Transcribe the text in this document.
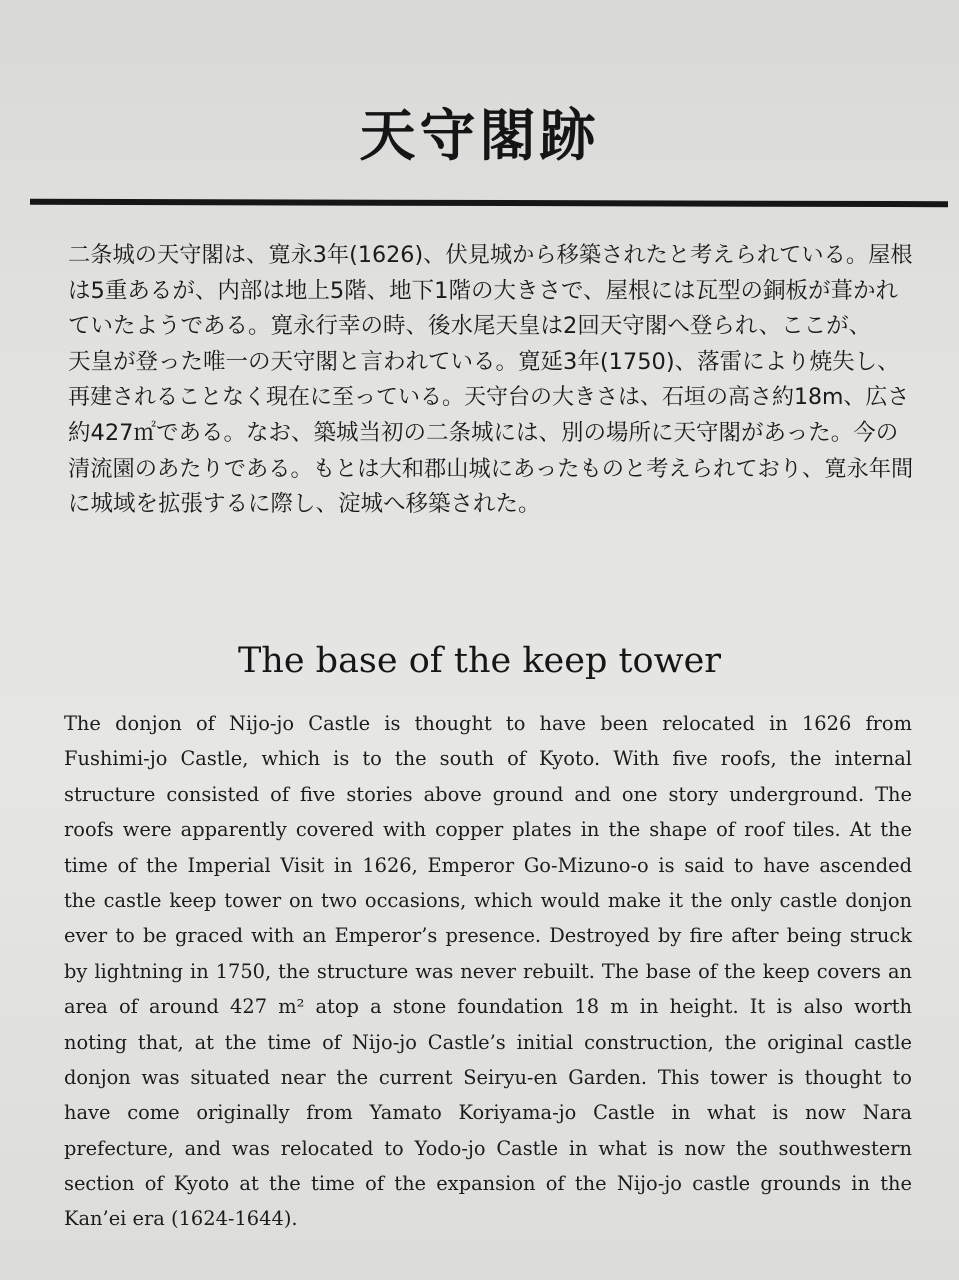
天守閣跡
二条城の天守閣は、寛永3年(1626)、伏見城から移築されたと考えられている。屋根
は5重あるが、内部は地上5階、地下1階の大きさで、屋根には瓦型の銅板が葺かれ
ていたようである。寛永行幸の時、後水尾天皇は2回天守閣へ登られ、ここが、
天皇が登った唯一の天守閣と言われている。寛延3年(1750)、落雷により焼失し、
再建されることなく現在に至っている。天守台の大きさは、石垣の高さ約18m、広さ
約427㎡である。なお、築城当初の二条城には、別の場所に天守閣があった。今の
清流園のあたりである。もとは大和郡山城にあったものと考えられており、寛永年間
に城域を拡張するに際し、淀城へ移築された。
The base of the keep tower
The donjon of Nijo-jo Castle is thought to have been relocated in 1626 from
Fushimi-jo Castle, which is to the south of Kyoto. With five roofs, the internal
structure consisted of five stories above ground and one story underground. The
roofs were apparently covered with copper plates in the shape of roof tiles. At the
time of the Imperial Visit in 1626, Emperor Go-Mizuno-o is said to have ascended
the castle keep tower on two occasions, which would make it the only castle donjon
ever to be graced with an Emperor’s presence. Destroyed by fire after being struck
by lightning in 1750, the structure was never rebuilt. The base of the keep covers an
area of around 427 m² atop a stone foundation 18 m in height. It is also worth
noting that, at the time of Nijo-jo Castle’s initial construction, the original castle
donjon was situated near the current Seiryu-en Garden. This tower is thought to
have come originally from Yamato Koriyama-jo Castle in what is now Nara
prefecture, and was relocated to Yodo-jo Castle in what is now the southwestern
section of Kyoto at the time of the expansion of the Nijo-jo castle grounds in the
Kan’ei era (1624-1644).
